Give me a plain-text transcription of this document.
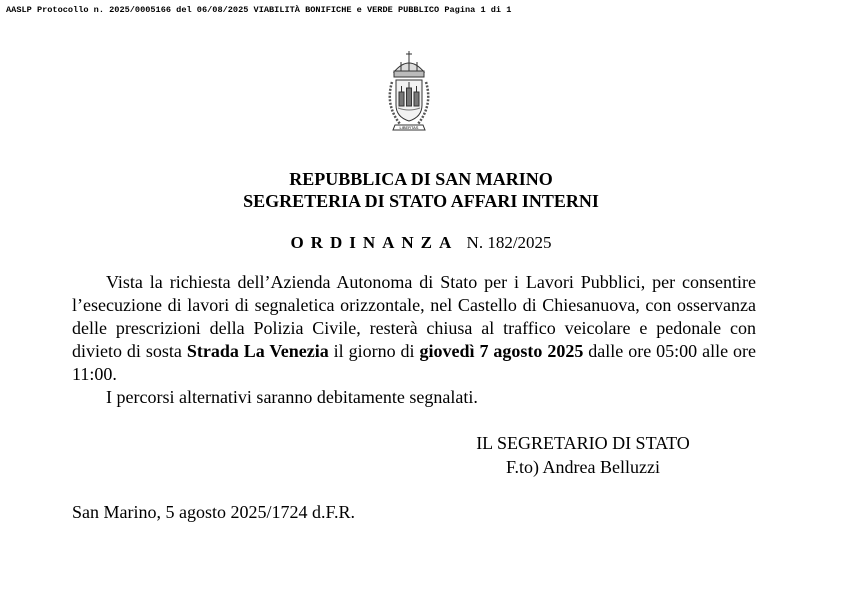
AASLP Protocollo n. 2025/0005166 del 06/08/2025 VIABILITÀ BONIFICHE e VERDE PUBBLICO Pagina 1 di 1
LIBERTAS
REPUBBLICA DI SAN MARINO
SEGRETERIA DI STATO AFFARI INTERNI
ORDINANZA N. 182/2025

Vista la richiesta dell’Azienda Autonoma di Stato per i Lavori Pubblici, per consentire l’esecuzione di lavori di segnaletica orizzontale, nel Castello di Chiesanuova, con osservanza delle prescrizioni della Polizia Civile, resterà chiusa al traffico veicolare e pedonale con divieto di sosta Strada La Venezia il giorno di giovedì 7 agosto 2025 dalle ore 05:00 alle ore 11:00.

I percorsi alternativi saranno debitamente segnalati.

IL SEGRETARIO DI STATO
F.to) Andrea Belluzzi
San Marino, 5 agosto 2025/1724 d.F.R.
